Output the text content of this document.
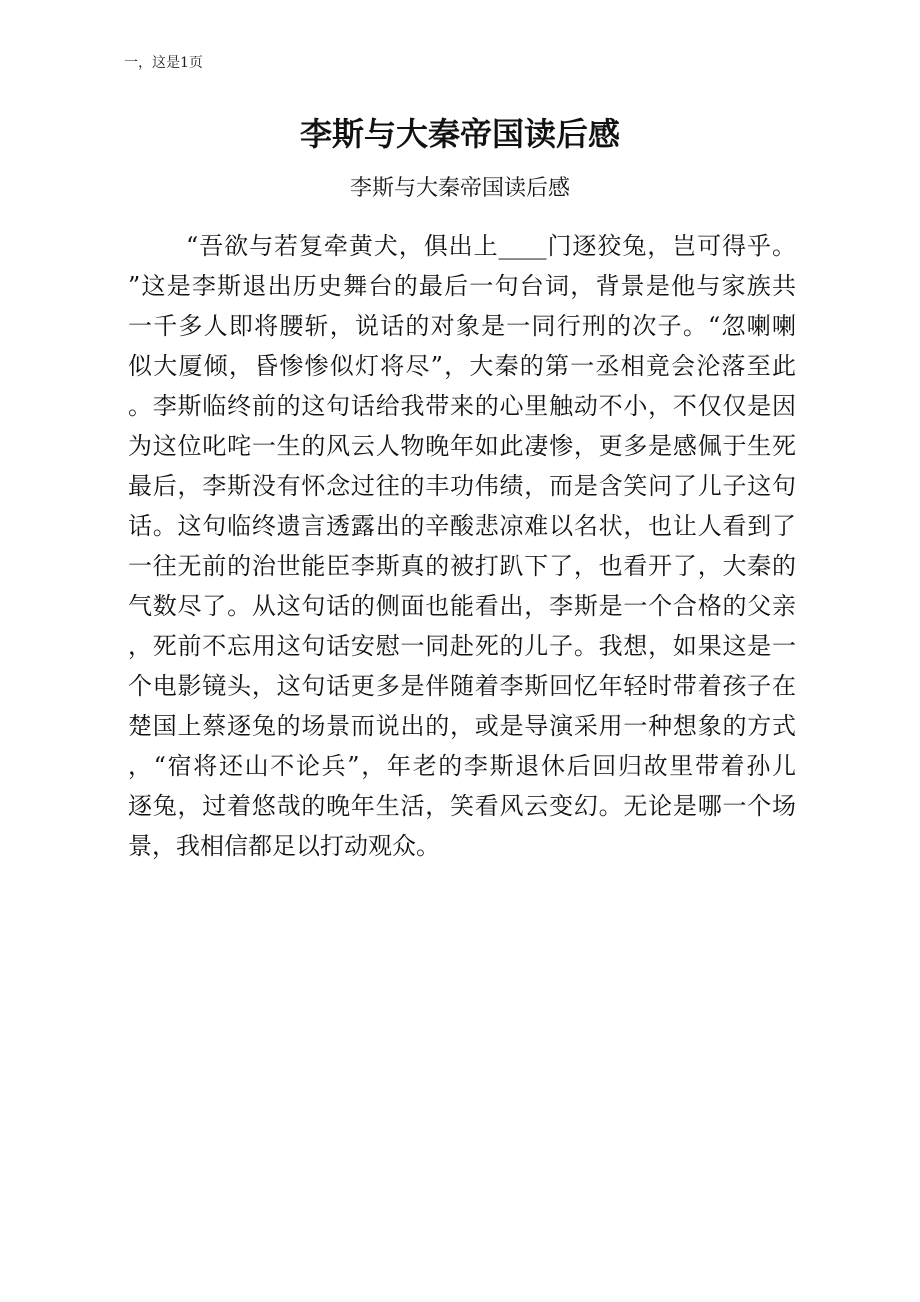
一，这是1页
李斯与大秦帝国读后感
李斯与大秦帝国读后感
“吾欲与若复牵黄犬，俱出上____门逐狡兔，岂可得乎。
”这是李斯退出历史舞台的最后一句台词，背景是他与家族共
一千多人即将腰斩，说话的对象是一同行刑的次子。“忽喇喇
似大厦倾，昏惨惨似灯将尽”，大秦的第一丞相竟会沦落至此
。李斯临终前的这句话给我带来的心里触动不小，不仅仅是因
为这位叱咤一生的风云人物晚年如此凄惨，更多是感佩于生死
最后，李斯没有怀念过往的丰功伟绩，而是含笑问了儿子这句
话。这句临终遗言透露出的辛酸悲凉难以名状，也让人看到了
一往无前的治世能臣李斯真的被打趴下了，也看开了，大秦的
气数尽了。从这句话的侧面也能看出，李斯是一个合格的父亲
，死前不忘用这句话安慰一同赴死的儿子。我想，如果这是一
个电影镜头，这句话更多是伴随着李斯回忆年轻时带着孩子在
楚国上蔡逐兔的场景而说出的，或是导演采用一种想象的方式
，“宿将还山不论兵”，年老的李斯退休后回归故里带着孙儿
逐兔，过着悠哉的晚年生活，笑看风云变幻。无论是哪一个场
景，我相信都足以打动观众。
